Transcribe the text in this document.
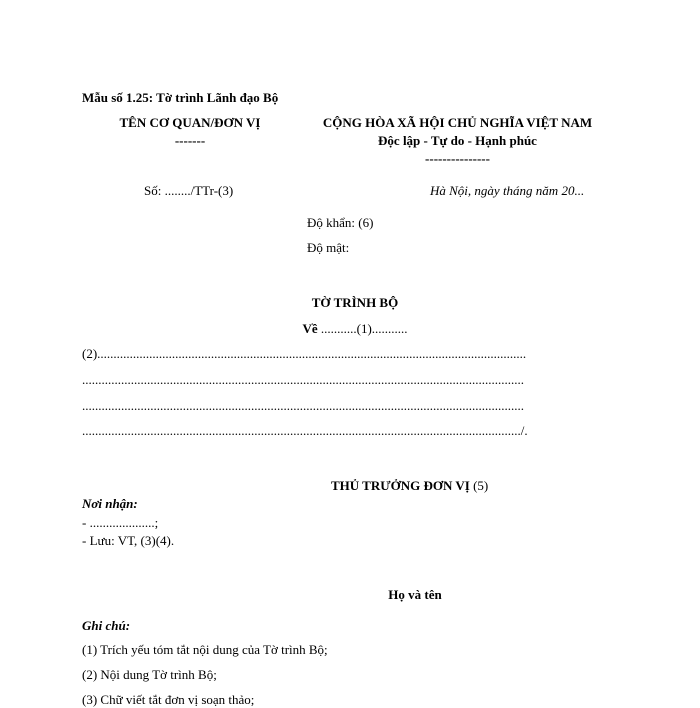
Mẫu số 1.25: Tờ trình Lãnh đạo Bộ
TÊN CƠ QUAN/ĐƠN VỊ
-------
CỘNG HÒA XÃ HỘI CHỦ NGHĨA VIỆT NAM
Độc lập - Tự do - Hạnh phúc
---------------
Số: ......../TTr-(3)	Hà Nội, ngày tháng năm 20...
Độ khẩn: (6)
Độ mật:
TỜ TRÌNH BỘ
Về ...........(1)...........
(2)....................................................................................................................................
........................................................................................................................................
........................................................................................................................................
......................................................................................................................................./.
THỦ TRƯỞNG ĐƠN VỊ (5)
Nơi nhận:
- ....................;
- Lưu: VT, (3)(4).
Họ và tên
Ghi chú:
(1) Trích yếu tóm tắt nội dung của Tờ trình Bộ;
(2) Nội dung Tờ trình Bộ;
(3) Chữ viết tắt đơn vị soạn thảo;
